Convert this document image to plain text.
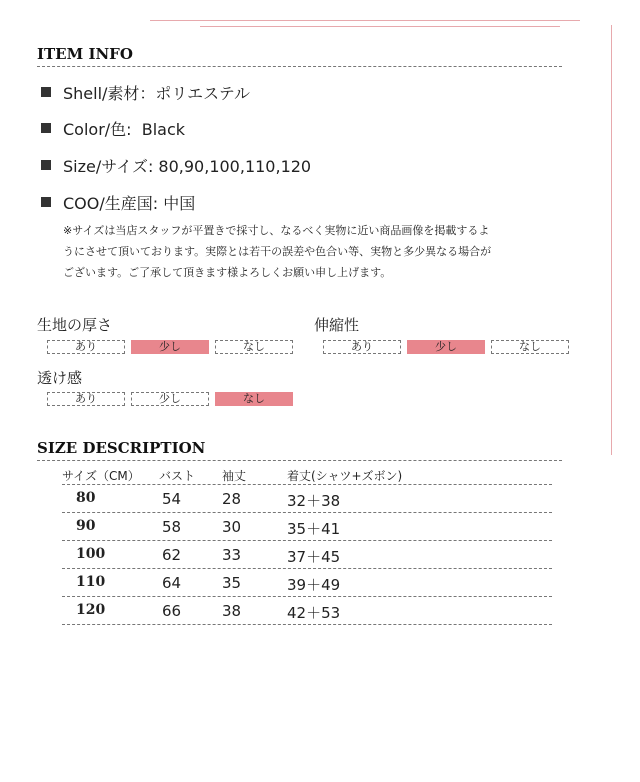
ITEM INFO
Shell/素材：ポリエステル
Color/色:  Black
Size/サイズ: 80,90,100,110,120
COO/生産国: 中国

※サイズは当店スタッフが平置きで採寸し、なるべく実物に近い商品画像を掲載するよ

うにさせて頂いております。実際とは若干の誤差や色合い等、実物と多少異なる場合が

ございます。ご了承して頂きます様よろしくお願い申し上げます。

生地の厚さ
あり	少し	なし
伸縮性
あり	少し	なし
透け感
あり	少し	なし
SIZE DESCRIPTION
サイズ（CM） バスト 袖丈	着丈(シャツ+ズボン)
80	54	28	32＋38
90	58	30	35＋41
100	62	33	37＋45
110	64	35	39＋49
120	66	38	42＋53
